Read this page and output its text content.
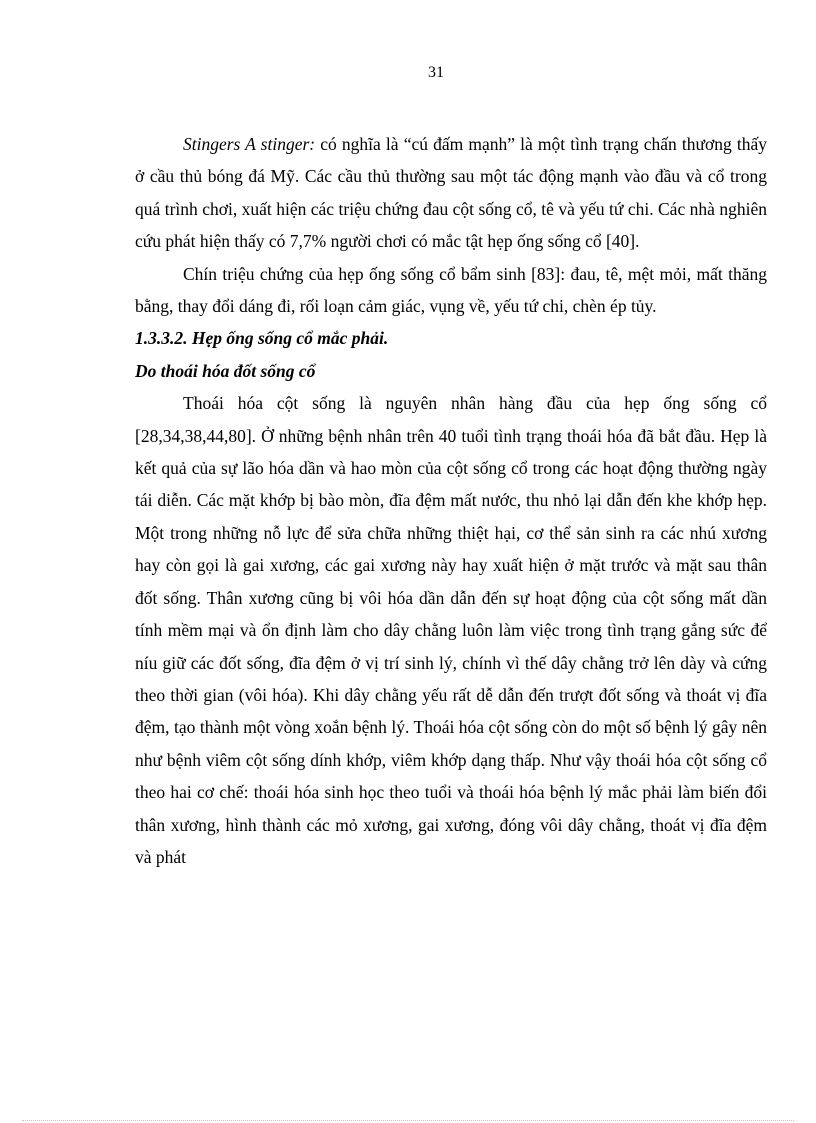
31

Stingers A stinger: có nghĩa là “cú đấm mạnh” là một tình trạng chấn thương thấy ở cầu thủ bóng đá Mỹ. Các cầu thủ thường sau một tác động mạnh vào đầu và cổ trong quá trình chơi, xuất hiện các triệu chứng đau cột sống cổ, tê và yếu tứ chi. Các nhà nghiên cứu phát hiện thấy có 7,7% người chơi có mắc tật hẹp ống sống cổ [40].

Chín triệu chứng của hẹp ống sống cổ bẩm sinh [83]: đau, tê, mệt mỏi, mất thăng bằng, thay đổi dáng đi, rối loạn cảm giác, vụng về, yếu tứ chi, chèn ép tủy.

1.3.3.2. Hẹp ống sống cổ mắc phải.
Do thoái hóa đốt sống cổ

Thoái hóa cột sống là nguyên nhân hàng đầu của hẹp ống sống cổ [28,34,38,44,80]. Ở những bệnh nhân trên 40 tuổi tình trạng thoái hóa đã bắt đầu. Hẹp là kết quả của sự lão hóa dần và hao mòn của cột sống cổ trong các hoạt động thường ngày tái diễn. Các mặt khớp bị bào mòn, đĩa đệm mất nước, thu nhỏ lại dẫn đến khe khớp hẹp. Một trong những nỗ lực để sửa chữa những thiệt hại, cơ thể sản sinh ra các nhú xương hay còn gọi là gai xương, các gai xương này hay xuất hiện ở mặt trước và mặt sau thân đốt sống. Thân xương cũng bị vôi hóa dần dẫn đến sự hoạt động của cột sống mất dần tính mềm mại và ổn định làm cho dây chằng luôn làm việc trong tình trạng gắng sức để níu giữ các đốt sống, đĩa đệm ở vị trí sinh lý, chính vì thế dây chằng trở lên dày và cứng theo thời gian (vôi hóa). Khi dây chằng yếu rất dễ dẫn đến trượt đốt sống và thoát vị đĩa đệm, tạo thành một vòng xoắn bệnh lý. Thoái hóa cột sống còn do một số bệnh lý gây nên như bệnh viêm cột sống dính khớp, viêm khớp dạng thấp. Như vậy thoái hóa cột sống cổ theo hai cơ chế: thoái hóa sinh học theo tuổi và thoái hóa bệnh lý mắc phải làm biến đổi thân xương, hình thành các mỏ xương, gai xương, đóng vôi dây chằng, thoát vị đĩa đệm và phát
